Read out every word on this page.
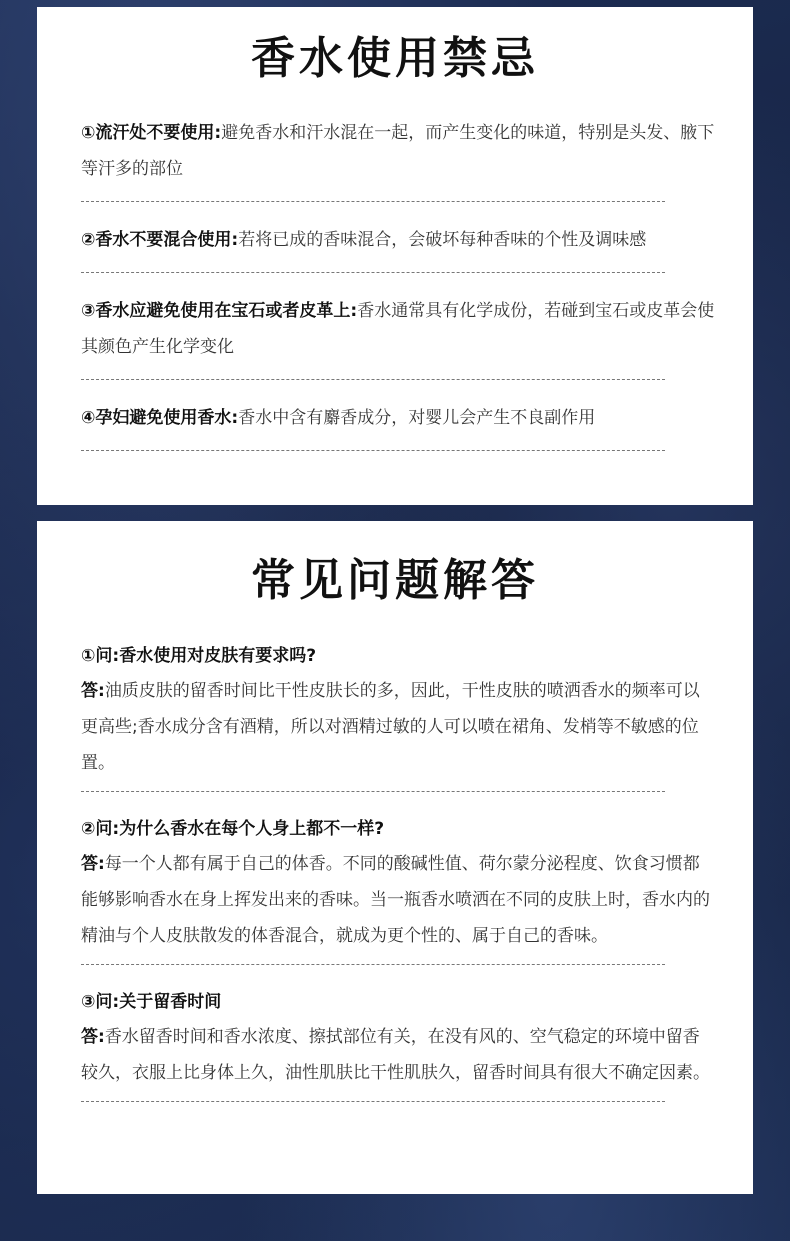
香水使用禁忌

①流汗处不要使用:避免香水和汗水混在一起，而产生变化的味道，特别是头发、腋下等汗多的部位

②香水不要混合使用:若将已成的香味混合，会破坏每种香味的个性及调味感

③香水应避免使用在宝石或者皮革上:香水通常具有化学成份，若碰到宝石或皮革会使其颜色产生化学变化

④孕妇避免使用香水:香水中含有麝香成分，对婴儿会产生不良副作用

常见问题解答

①问:香水使用对皮肤有要求吗?

答:油质皮肤的留香时间比干性皮肤长的多，因此，干性皮肤的喷洒香水的频率可以更高些;香水成分含有酒精，所以对酒精过敏的人可以喷在裙角、发梢等不敏感的位置。

②问:为什么香水在每个人身上都不一样?

答:每一个人都有属于自己的体香。不同的酸碱性值、荷尔蒙分泌程度、饮食习惯都能够影响香水在身上挥发出来的香味。当一瓶香水喷洒在不同的皮肤上时，香水内的精油与个人皮肤散发的体香混合，就成为更个性的、属于自己的香味。

③问:关于留香时间

答:香水留香时间和香水浓度、擦拭部位有关，在没有风的、空气稳定的环境中留香较久，衣服上比身体上久，油性肌肤比干性肌肤久，留香时间具有很大不确定因素。
